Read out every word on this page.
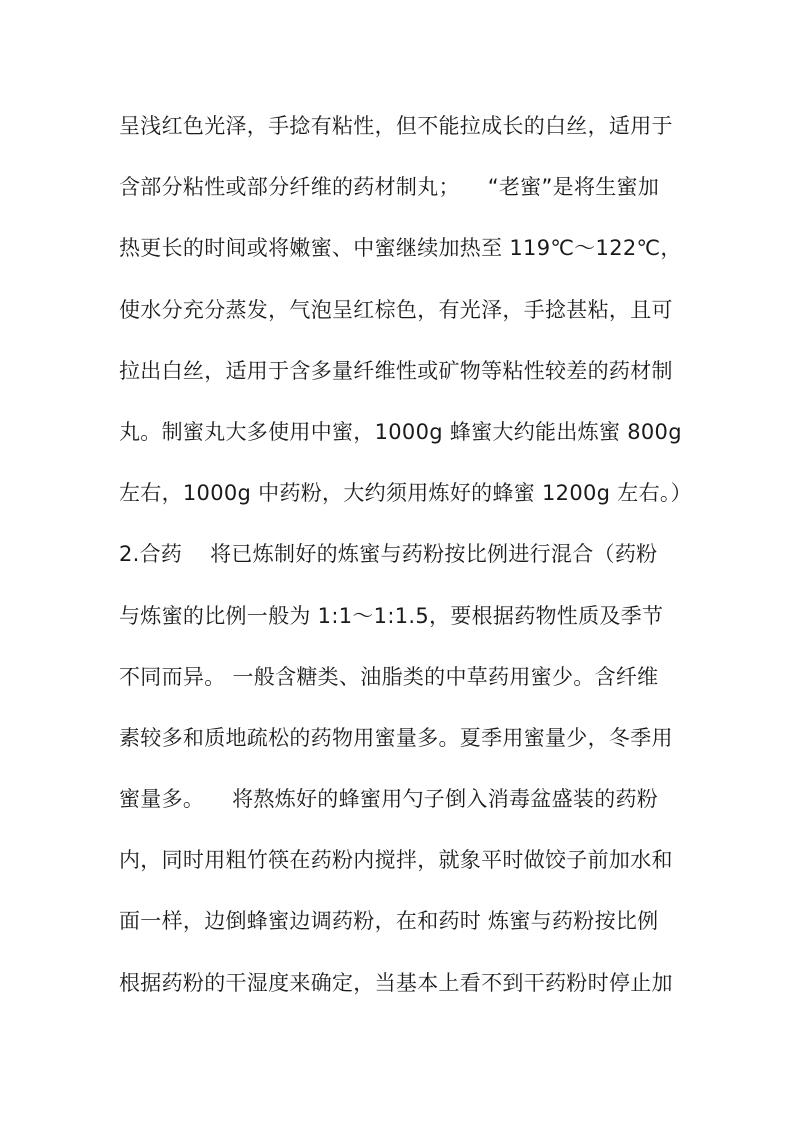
呈浅红色光泽，手捻有粘性，但不能拉成长的白丝，适用于
含部分粘性或部分纤维的药材制丸；    “老蜜”是将生蜜加
热更长的时间或将嫩蜜、中蜜继续加热至 119℃～122℃，
使水分充分蒸发，气泡呈红棕色，有光泽，手捻甚粘，且可
拉出白丝，适用于含多量纤维性或矿物等粘性较差的药材制
丸。制蜜丸大多使用中蜜，1000g 蜂蜜大约能出炼蜜 800g
左右，1000g 中药粉，大约须用炼好的蜂蜜 1200g 左右。）
2.合药    将已炼制好的炼蜜与药粉按比例进行混合（药粉
与炼蜜的比例一般为 1:1～1:1.5，要根据药物性质及季节
不同而异。 一般含糖类、油脂类的中草药用蜜少。含纤维
素较多和质地疏松的药物用蜜量多。夏季用蜜量少，冬季用
蜜量多。    将熬炼好的蜂蜜用勺子倒入消毒盆盛装的药粉
内，同时用粗竹筷在药粉内搅拌，就象平时做饺子前加水和
面一样，边倒蜂蜜边调药粉，在和药时 炼蜜与药粉按比例
根据药粉的干湿度来确定，当基本上看不到干药粉时停止加
